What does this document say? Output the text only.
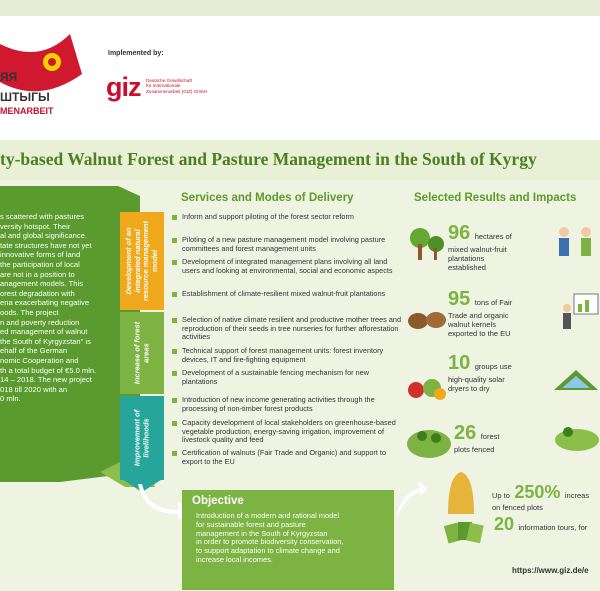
ЯЯ
ШТЫГЫ
MENARBEIT
Implemented by:
giz Deutsche Gesellschaft
für Internationale
Zusammenarbeit (GIZ) GmbH
ty-based Walnut Forest and Pasture Management in the South of Kyrgy
s scattered with pastures
versity hotspot. Their
al and global significance.
tate structures have not yet
innovative forms of land
the participation of local
are not in a position to
anagement models. This
orest degradation with
ena exacerbating negative
oods. The project
n and poverty reduction
ed management of walnut
the South of Kyrgyzstan" is
ehalf of the German
nomic Cooperation and
th a total budget of €5.0 mln.
14 – 2018. The new project
018 till 2020 with an
0 mln.
Development of an integrated natural resource management model
Increase of forest areas
Improvement of livelihoods
Services and Modes of Delivery
Inform and support piloting of the forest sector reform
Piloting of a new pasture management model involving pasture committees and forest management units
Development of integrated management plans involving all land users and looking at environmental, social and economic aspects
Establishment of climate-resilient mixed walnut-fruit plantations
Selection of native climate resilient and productive mother trees and reproduction of their seeds in tree nurseries for further afforestation activities
Technical support of forest management units: forest inventory devices, IT and fire-fighting equipment
Development of a sustainable fencing mechanism for new plantations
Introduction of new income generating activities through the processing of non-timber forest products
Capacity development of local stakeholders on greenhouse-based vegetable production, energy-saving irrigation, improvement of livestock quality and feed
Certification of walnuts (Fair Trade and Organic) and support to export to the EU
Selected Results and Impacts
96 hectares of
mixed walnut-fruit
plantations
established
95 tons of Fair
Trade and organic
walnut kernels
exported to the EU
10 groups use
high-quality solar
dryers to dry
26 forest
plots fenced
Up to 250% increas
on fenced plots
20 information tours, for
Objective
Introduction of a modern and rational model
for sustainable forest and pasture
management in the South of Kyrgyzstan
in order to promote biodiversity conservation,
to support adaptation to climate change and
increase local incomes.
https://www.giz.de/e
